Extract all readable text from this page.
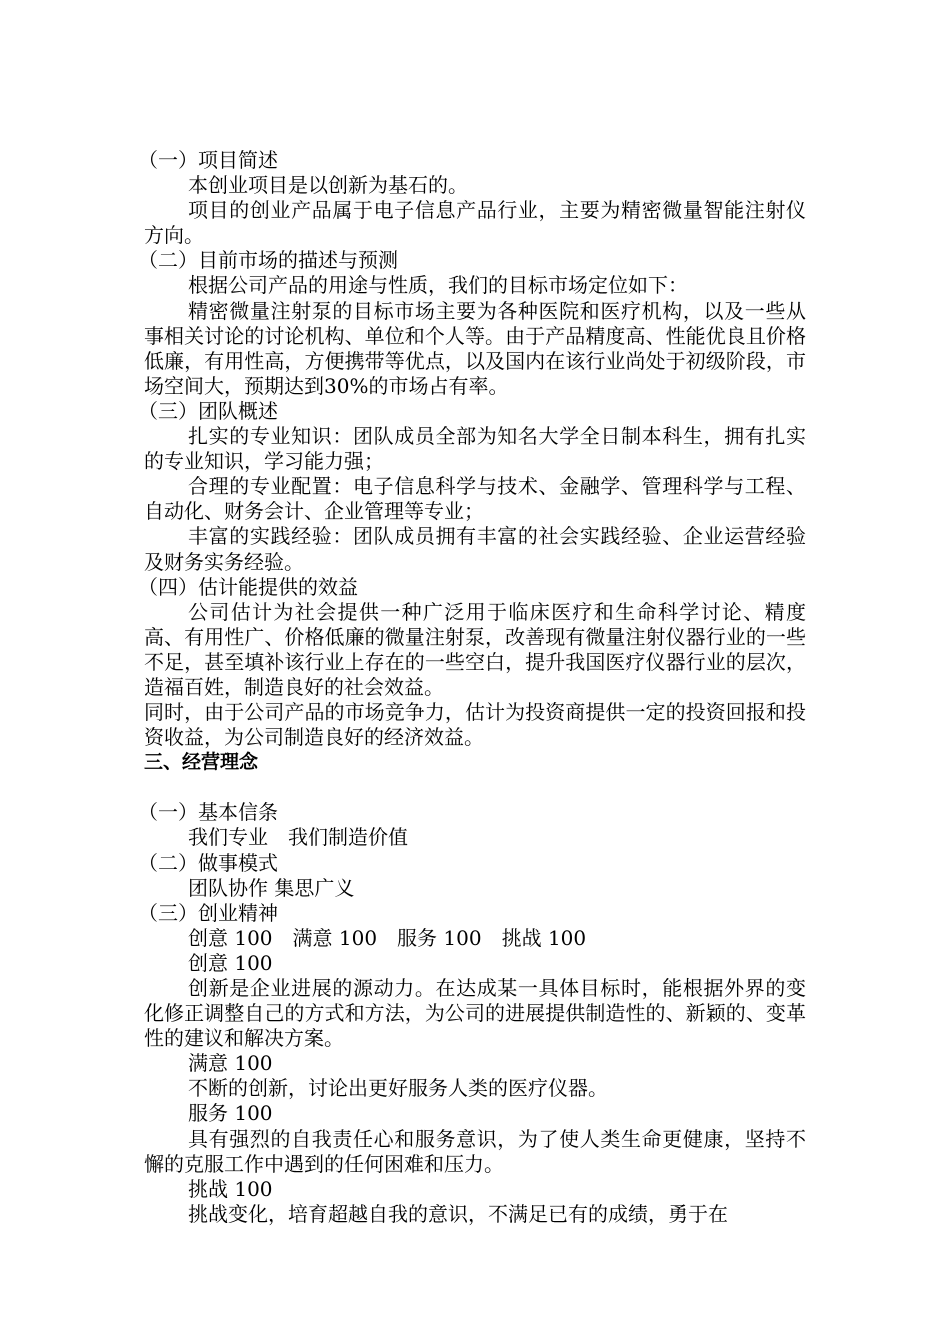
（一）项目简述

本创业项目是以创新为基石的。

项目的创业产品属于电子信息产品行业，主要为精密微量智能注射仪方向。

（二）目前市场的描述与预测

根据公司产品的用途与性质，我们的目标市场定位如下：

精密微量注射泵的目标市场主要为各种医院和医疗机构，以及一些从事相关讨论的讨论机构、单位和个人等。由于产品精度高、性能优良且价格低廉，有用性高，方便携带等优点，以及国内在该行业尚处于初级阶段，市场空间大，预期达到30%的市场占有率。

（三）团队概述

扎实的专业知识：团队成员全部为知名大学全日制本科生，拥有扎实的专业知识，学习能力强；

合理的专业配置：电子信息科学与技术、金融学、管理科学与工程、自动化、财务会计、企业管理等专业；

丰富的实践经验：团队成员拥有丰富的社会实践经验、企业运营经验及财务实务经验。

（四）估计能提供的效益

公司估计为社会提供一种广泛用于临床医疗和生命科学讨论、精度高、有用性广、价格低廉的微量注射泵，改善现有微量注射仪器行业的一些不足，甚至填补该行业上存在的一些空白，提升我国医疗仪器行业的层次，造福百姓，制造良好的社会效益。

同时，由于公司产品的市场竞争力，估计为投资商提供一定的投资回报和投资收益，为公司制造良好的经济效益。

三、经营理念

（一）基本信条

我们专业　我们制造价值

（二）做事模式

团队协作 集思广义

（三）创业精神

创意 100　满意 100　服务 100　挑战 100

创意 100

创新是企业进展的源动力。在达成某一具体目标时，能根据外界的变化修正调整自己的方式和方法，为公司的进展提供制造性的、新颖的、变革性的建议和解决方案。

满意 100

不断的创新，讨论出更好服务人类的医疗仪器。

服务 100

具有强烈的自我责任心和服务意识，为了使人类生命更健康，坚持不懈的克服工作中遇到的任何困难和压力。

挑战 100

挑战变化，培育超越自我的意识，不满足已有的成绩，勇于在
